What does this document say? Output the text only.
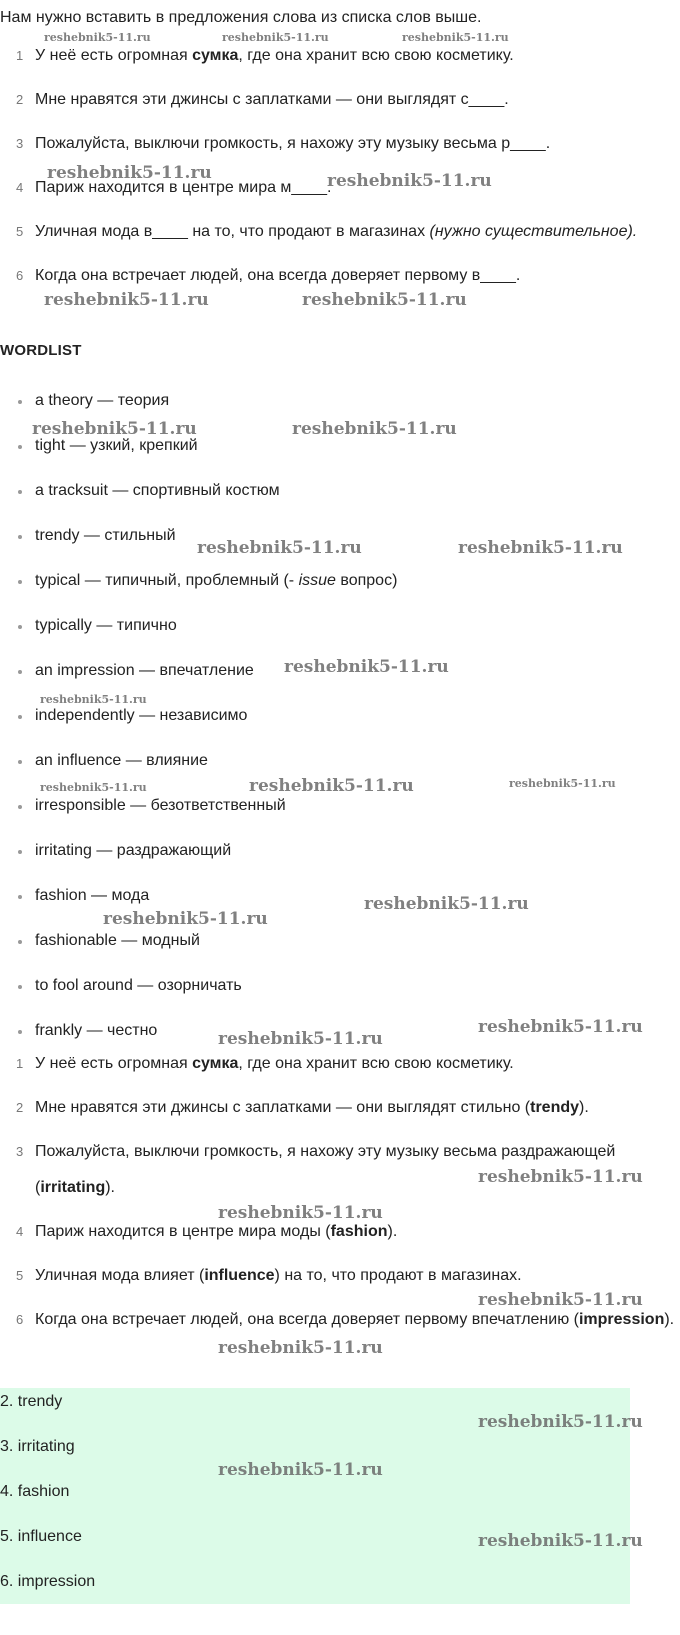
Нам нужно вставить в предложения слова из списка слов выше.
1 У неё есть огромная сумка, где она хранит всю свою косметику.
2 Мне нравятся эти джинсы с заплатками — они выглядят с____.
3 Пожалуйста, выключи громкость, я нахожу эту музыку весьма р____.
4 Париж находится в центре мира м____.
5 Уличная мода в____ на то, что продают в магазинах (нужно существительное).
6 Когда она встречает людей, она всегда доверяет первому в____.
WORDLIST
a theory — теория
tight — узкий, крепкий
a tracksuit — спортивный костюм
trendy — стильный
typical — типичный, проблемный (- issue вопрос)
typically — типично
an impression — впечатление
independently — независимо
an influence — влияние
irresponsible — безответственный
irritating — раздражающий
fashion — мода
fashionable — модный
to fool around — озорничать
frankly — честно
1 У неё есть огромная сумка, где она хранит всю свою косметику.
2 Мне нравятся эти джинсы с заплатками — они выглядят стильно (trendy).
3 Пожалуйста, выключи громкость, я нахожу эту музыку весьма раздражающей (irritating).
4 Париж находится в центре мира моды (fashion).
5 Уличная мода влияет (influence) на то, что продают в магазинах.
6 Когда она встречает людей, она всегда доверяет первому впечатлению (impression).
2. trendy
3. irritating
4. fashion
5. influence
6. impression
reshebnik5-11.ru	reshebnik5-11.ru	reshebnik5-11.ru
reshebnik5-11.ru	reshebnik5-11.ru
reshebnik5-11.ru	reshebnik5-11.ru
reshebnik5-11.ru	reshebnik5-11.ru
reshebnik5-11.ru	reshebnik5-11.ru
reshebnik5-11.ru
reshebnik5-11.ru
reshebnik5-11.ru	reshebnik5-11.ru	reshebnik5-11.ru
reshebnik5-11.ru
reshebnik5-11.ru
reshebnik5-11.ru
reshebnik5-11.ru
reshebnik5-11.ru
reshebnik5-11.ru
reshebnik5-11.ru
reshebnik5-11.ru
reshebnik5-11.ru
reshebnik5-11.ru
reshebnik5-11.ru
